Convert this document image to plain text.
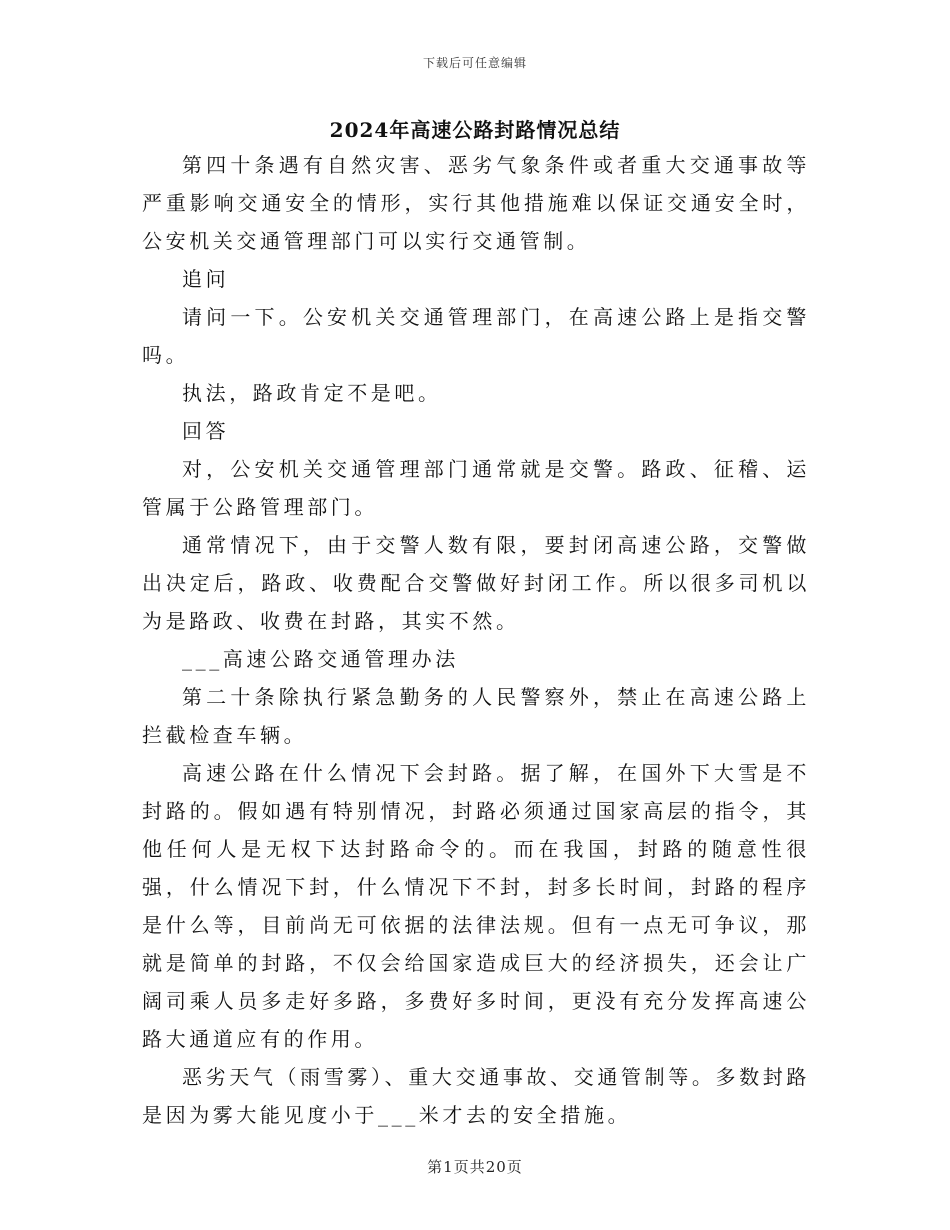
下载后可任意编辑
2024年高速公路封路情况总结

第四十条遇有自然灾害、恶劣气象条件或者重大交通事故等严重影响交通安全的情形，实行其他措施难以保证交通安全时，公安机关交通管理部门可以实行交通管制。

追问

请问一下。公安机关交通管理部门，在高速公路上是指交警吗。

执法，路政肯定不是吧。

回答

对，公安机关交通管理部门通常就是交警。路政、征稽、运管属于公路管理部门。

通常情况下，由于交警人数有限，要封闭高速公路，交警做出决定后，路政、收费配合交警做好封闭工作。所以很多司机以为是路政、收费在封路，其实不然。

___高速公路交通管理办法

第二十条除执行紧急勤务的人民警察外，禁止在高速公路上拦截检查车辆。

高速公路在什么情况下会封路。据了解，在国外下大雪是不封路的。假如遇有特别情况，封路必须通过国家高层的指令，其他任何人是无权下达封路命令的。而在我国，封路的随意性很强，什么情况下封，什么情况下不封，封多长时间，封路的程序是什么等，目前尚无可依据的法律法规。但有一点无可争议，那就是简单的封路，不仅会给国家造成巨大的经济损失，还会让广阔司乘人员多走好多路，多费好多时间，更没有充分发挥高速公路大通道应有的作用。

恶劣天气（雨雪雾）、重大交通事故、交通管制等。多数封路是因为雾大能见度小于___米才去的安全措施。

第1页共20页
